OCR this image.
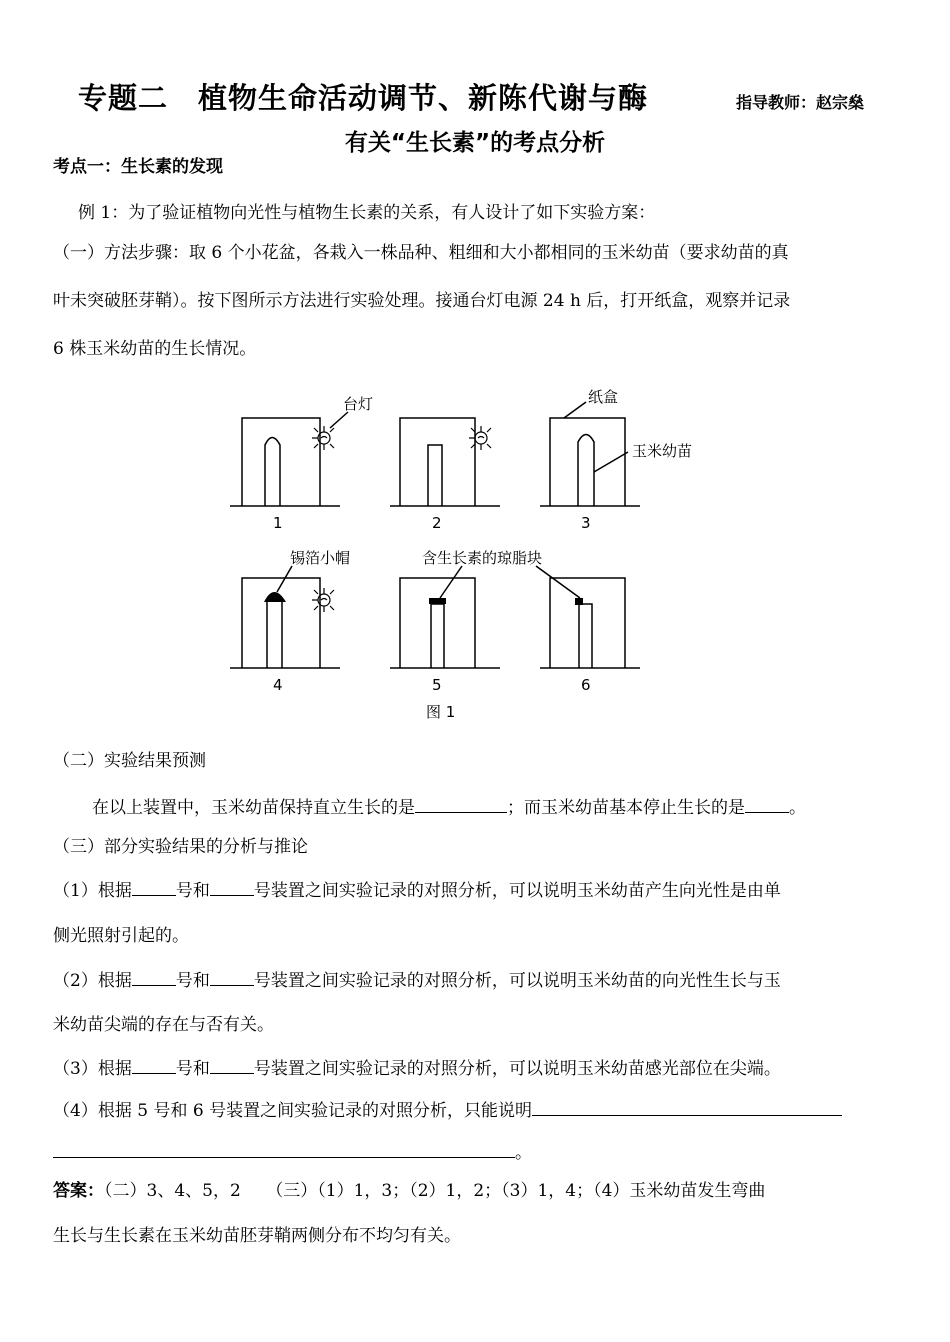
专题二　植物生命活动调节、新陈代谢与酶	指导教师：赵宗燊
有关“生长素”的考点分析
考点一：生长素的发现
例 1：为了验证植物向光性与植物生长素的关系，有人设计了如下实验方案：
（一）方法步骤：取 6 个小花盆，各栽入一株品种、粗细和大小都相同的玉米幼苗（要求幼苗的真
叶未突破胚芽鞘）。按下图所示方法进行实验处理。接通台灯电源 24 h 后，打开纸盒，观察并记录
6 株玉米幼苗的生长情况。
台灯	纸盒
玉米幼苗
锡箔小帽	含生长素的琼脂块
1	2	3
4	5	6
图 1
（二）实验结果预测
在以上装置中，玉米幼苗保持直立生长的是	；而玉米幼苗基本停止生长的是	。
（三）部分实验结果的分析与推论
（1）根据	号和	号装置之间实验记录的对照分析，可以说明玉米幼苗产生向光性是由单
侧光照射引起的。
（2）根据	号和	号装置之间实验记录的对照分析，可以说明玉米幼苗的向光性生长与玉
米幼苗尖端的存在与否有关。
（3）根据	号和	号装置之间实验记录的对照分析，可以说明玉米幼苗感光部位在尖端。
（4）根据 5 号和 6 号装置之间实验记录的对照分析，只能说明
。
答案：（二）3、4、5，2　　（三）（1）1，3；（2）1，2；（3）1，4；（4）玉米幼苗发生弯曲
生长与生长素在玉米幼苗胚芽鞘两侧分布不均匀有关。
